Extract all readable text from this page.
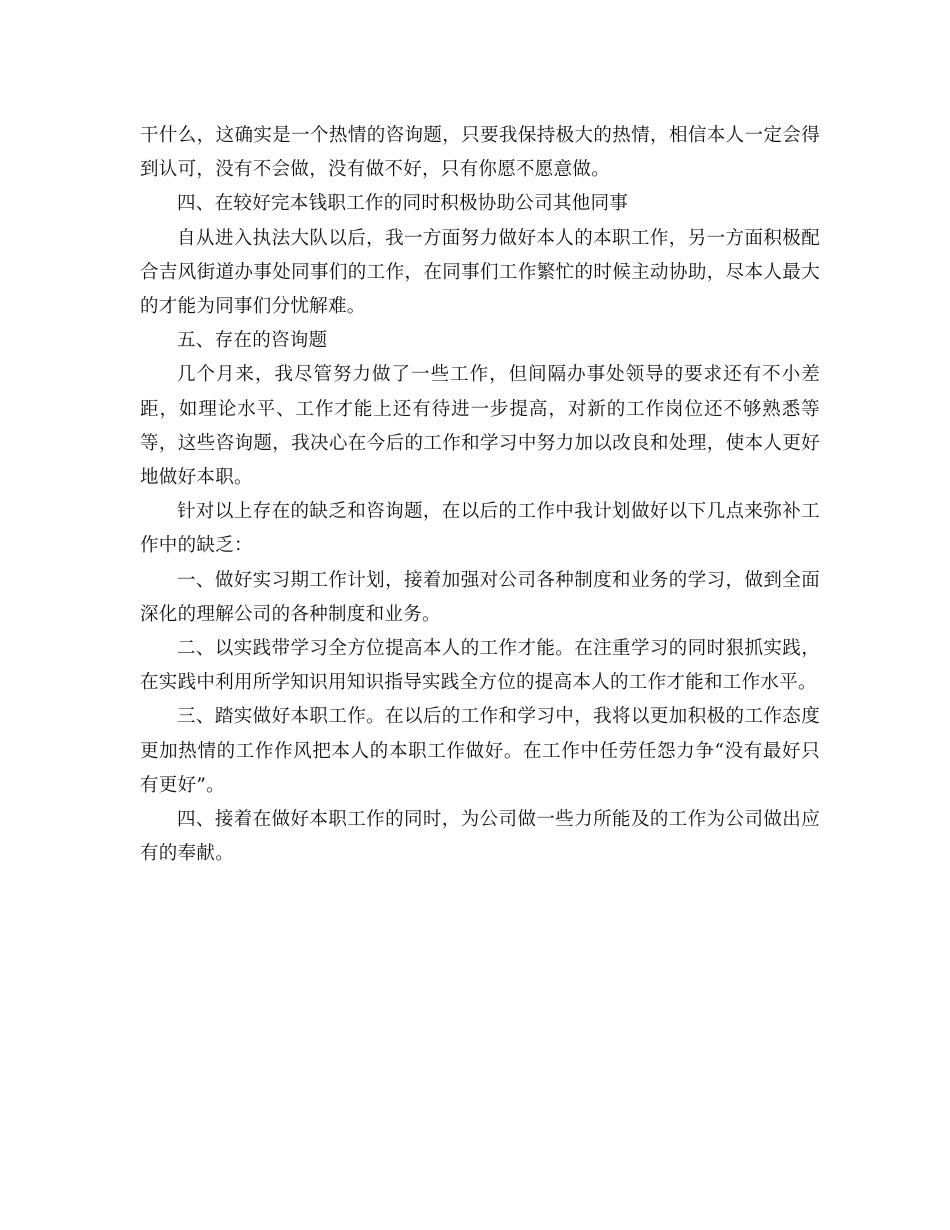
干什么，这确实是一个热情的咨询题，只要我保持极大的热情，相信本人一定会得到认可，没有不会做，没有做不好，只有你愿不愿意做。

四、在较好完本钱职工作的同时积极协助公司其他同事

自从进入执法大队以后，我一方面努力做好本人的本职工作，另一方面积极配合吉风街道办事处同事们的工作，在同事们工作繁忙的时候主动协助，尽本人最大的才能为同事们分忧解难。

五、存在的咨询题

几个月来，我尽管努力做了一些工作，但间隔办事处领导的要求还有不小差距，如理论水平、工作才能上还有待进一步提高，对新的工作岗位还不够熟悉等等，这些咨询题，我决心在今后的工作和学习中努力加以改良和处理，使本人更好地做好本职。

针对以上存在的缺乏和咨询题，在以后的工作中我计划做好以下几点来弥补工作中的缺乏：

一、做好实习期工作计划，接着加强对公司各种制度和业务的学习，做到全面深化的理解公司的各种制度和业务。

二、以实践带学习全方位提高本人的工作才能。在注重学习的同时狠抓实践，在实践中利用所学知识用知识指导实践全方位的提高本人的工作才能和工作水平。

三、踏实做好本职工作。在以后的工作和学习中，我将以更加积极的工作态度更加热情的工作作风把本人的本职工作做好。在工作中任劳任怨力争“没有最好只有更好”。

四、接着在做好本职工作的同时，为公司做一些力所能及的工作为公司做出应有的奉献。
